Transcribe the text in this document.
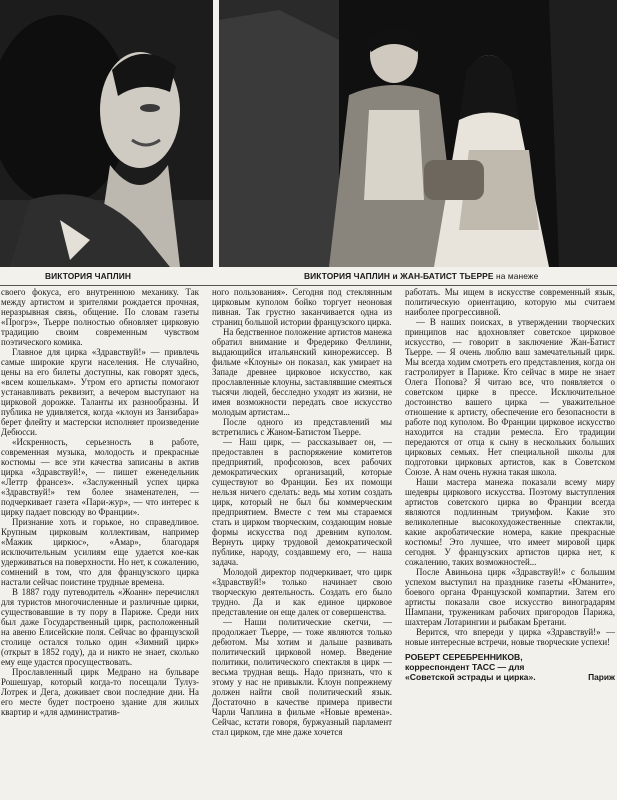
ВИКТОРИЯ ЧАПЛИН	ВИКТОРИЯ ЧАПЛИН и ЖАН-БАТИСТ ТЬЕРРЕ на манеже

своего фокуса, его внутреннюю механику. Так между артистом и зрителями рождается прочная, неразрывная связь, общение. По словам газеты «Прогрэ», Тьерре полностью обновляет цирковую традицию своим современным чувством поэтического комика.

Главное для цирка «Здравствуй!» — привлечь самые широкие круги населения. Не случайно, цены на его билеты доступны, как говорят здесь, «всем кошелькам». Утром его артисты помогают устанавливать реквизит, а вечером выступают на цирковой дорожке. Таланты их разнообразны. И публика не удивляется, когда «клоун из Занзибара» берет флейту и мастерски исполняет произведение Дебюсси.

«Искренность, серьезность в работе, современная музыка, молодость и прекрасные костюмы — все эти качества записаны в актив цирка «Здравствуй!», — пишет еженедельник «Леттр франсез». «Заслуженный успех цирка «Здравствуй!» тем более знаменателен, — подчеркивает газета «Пари-жур», — что интерес к цирку падает повсюду во Франции».

Признание хоть и горькое, но справедливое. Крупным цирковым коллективам, например «Мажик циркюс», «Амар», благодаря исключительным усилиям еще удается кое-как удерживаться на поверхности. Но нет, к сожалению, сомнений в том, что для французского цирка настали сейчас поистине трудные времена.

В 1887 году путеводитель «Жоанн» перечислял для туристов многочисленные и различные цирки, существовавшие в ту пору в Париже. Среди них был даже Государственный цирк, расположенный на авеню Елисейские поля. Сейчас во французской столице остался только один «Зимний цирк» (открыт в 1852 году), да и никто не знает, сколько ему еще удастся просуществовать.

Прославленный цирк Медрано на бульваре Рошешуар, который когда-то посещали Тулуз-Лотрек и Дега, доживает свои последние дни. На его месте будет построено здание для жилых квартир и «для административ-

ного пользования». Сегодня под стеклянным цирковым куполом бойко торгует неоновая пивная. Так грустно заканчивается одна из страниц большой истории французского цирка.

На бедственное положение артистов манежа обратил внимание и Фредерико Феллини, выдающийся итальянский кинорежиссер. В фильме «Клоуны» он показал, как умирает на Западе древнее цирковое искусство, как прославленные клоуны, заставлявшие смеяться тысячи людей, бесследно уходят из жизни, не имея возможности передать свое искусство молодым артистам...

После одного из представлений мы встретились с Жаном-Батистом Тьерре.

— Наш цирк, — рассказывает он, — предоставлен в распоряжение комитетов предприятий, профсоюзов, всех рабочих демократических организаций, которые существуют во Франции. Без их помощи нельзя ничего сделать: ведь мы хотим создать цирк, который не был бы коммерческим предприятием. Вместе с тем мы стараемся стать и цирком творческим, создающим новые формы искусства под древним куполом. Вернуть цирку трудовой демократической публике, народу, создавшему его, — наша задача.

Молодой директор подчеркивает, что цирк «Здравствуй!» только начинает свою творческую деятельность. Создать его было трудно. Да и как единое цирковое представление он еще далек от совершенства.

— Наши политические скетчи, — продолжает Тьерре, — тоже являются только дебютом. Мы хотим и дальше развивать политический цирковой номер. Введение политики, политического спектакля в цирк — весьма трудная вещь. Надо признать, что к этому у нас не привыкли. Клоун попрежнему должен найти свой политический язык. Достаточно в качестве примера привести Чарли Чаплина в фильме «Новые времена». Сейчас, кстати говоря, буржуазный парламент стал цирком, где мне даже хочется

работать. Мы ищем в искусстве современный язык, политическую ориентацию, которую мы считаем наиболее прогрессивной.

— В наших поисках, в утверждении творческих принципов нас вдохновляет советское цирковое искусство, — говорит в заключение Жан-Батист Тьерре. — Я очень люблю ваш замечательный цирк. Мы всегда ходим смотреть его представления, когда он гастролирует в Париже. Кто сейчас в мире не знает Олега Попова? Я читаю все, что появляется о советском цирке в прессе. Исключительное достоинство вашего цирка — уважительное отношение к артисту, обеспечение его безопасности в работе под куполом. Во Франции цирковое искусство находится на стадии ремесла. Его традиции передаются от отца к сыну в нескольких больших цирковых семьях. Нет специальной школы для подготовки цирковых артистов, как в Советском Союзе. А нам очень нужна такая школа.

Наши мастера манежа показали всему миру шедевры циркового искусства. Поэтому выступления артистов советского цирка во Франции всегда являются подлинным триумфом. Какие это великолепные высокохудожественные спектакли, какие акробатические номера, какие прекрасные костюмы! Это лучшее, что имеет мировой цирк сегодня. У французских артистов цирка нет, к сожалению, таких возможностей...

После Авиньона цирк «Здравствуй!» с большим успехом выступил на празднике газеты «Юманите», боевого органа Французской компартии. Затем его артисты показали свое искусство виноградарям Шампани, труженикам рабочих пригородов Парижа, шахтерам Лотарингии и рыбакам Бретани.

Верится, что впереди у цирка «Здравствуй!» — новые интересные встречи, новые творческие успехи!

РОБЕРТ СЕРЕБРЕННИКОВ,
корреспондент ТАСС — для
«Советской эстрады и цирка».	Париж
